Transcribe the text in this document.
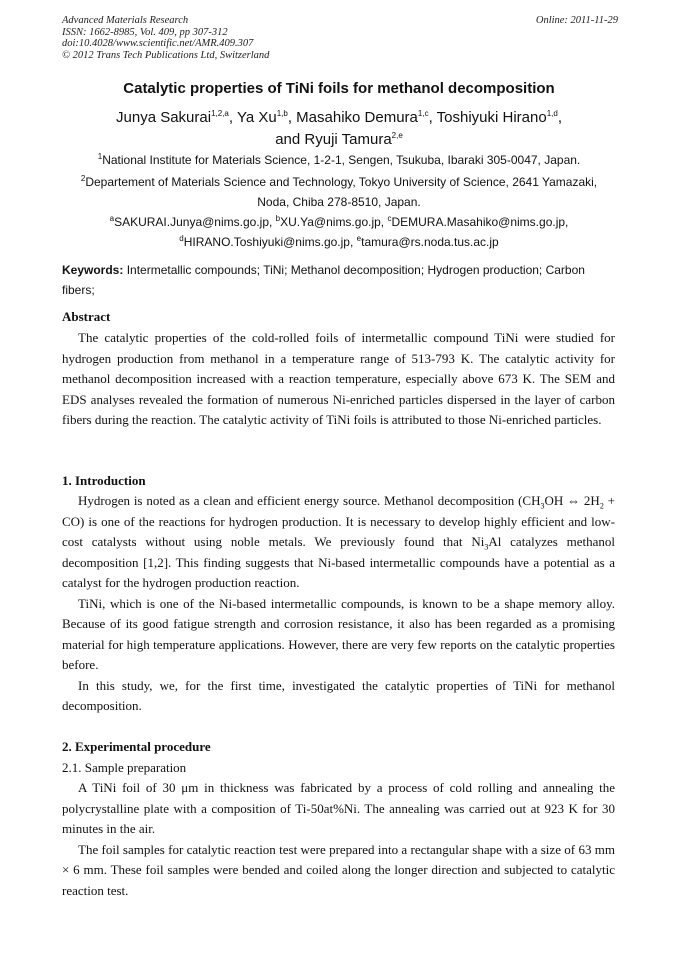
Advanced Materials Research
ISSN: 1662-8985, Vol. 409, pp 307-312
doi:10.4028/www.scientific.net/AMR.409.307
© 2012 Trans Tech Publications Ltd, Switzerland
Online: 2011-11-29
Catalytic properties of TiNi foils for methanol decomposition
Junya Sakurai$^{1,2,a}$, Ya Xu$^{1,b}$, Masahiko Demura$^{1,c}$, Toshiyuki Hirano$^{1,d}$,
and Ryuji Tamura$^{2,e}$
$^1$National Institute for Materials Science, 1-2-1, Sengen, Tsukuba, Ibaraki 305-0047, Japan.
$^2$Departement of Materials Science and Technology, Tokyo University of Science, 2641 Yamazaki,
Noda, Chiba 278-8510, Japan.
$^a$SAKURAI.Junya@nims.go.jp, $^b$XU.Ya@nims.go.jp, $^c$DEMURA.Masahiko@nims.go.jp,
$^d$HIRANO.Toshiyuki@nims.go.jp, $^e$tamura@rs.noda.tus.ac.jp
Keywords: Intermetallic compounds; TiNi; Methanol decomposition; Hydrogen production; Carbon fibers;
Abstract

The catalytic properties of the cold-rolled foils of intermetallic compound TiNi were studied for hydrogen production from methanol in a temperature range of 513-793 K. The catalytic activity for methanol decomposition increased with a reaction temperature, especially above 673 K. The SEM and EDS analyses revealed the formation of numerous Ni-enriched particles dispersed in the layer of carbon fibers during the reaction. The catalytic activity of TiNi foils is attributed to those Ni-enriched particles.

1. Introduction

Hydrogen is noted as a clean and efficient energy source. Methanol decomposition ($CH_3OH$ ⇔ $2H_2 + CO$) is one of the reactions for hydrogen production. It is necessary to develop highly efficient and low-cost catalysts without using noble metals. We previously found that $Ni_3Al$ catalyzes methanol decomposition [1,2]. This finding suggests that Ni-based intermetallic compounds have a potential as a catalyst for the hydrogen production reaction.

TiNi, which is one of the Ni-based intermetallic compounds, is known to be a shape memory alloy. Because of its good fatigue strength and corrosion resistance, it also has been regarded as a promising material for high temperature applications. However, there are very few reports on the catalytic properties before.

In this study, we, for the first time, investigated the catalytic properties of TiNi for methanol decomposition.

2. Experimental procedure
2.1. Sample preparation

A TiNi foil of 30 μm in thickness was fabricated by a process of cold rolling and annealing the polycrystalline plate with a composition of Ti-50at%Ni. The annealing was carried out at 923 K for 30 minutes in the air.

The foil samples for catalytic reaction test were prepared into a rectangular shape with a size of 63 mm × 6 mm. These foil samples were bended and coiled along the longer direction and subjected to catalytic reaction test.
